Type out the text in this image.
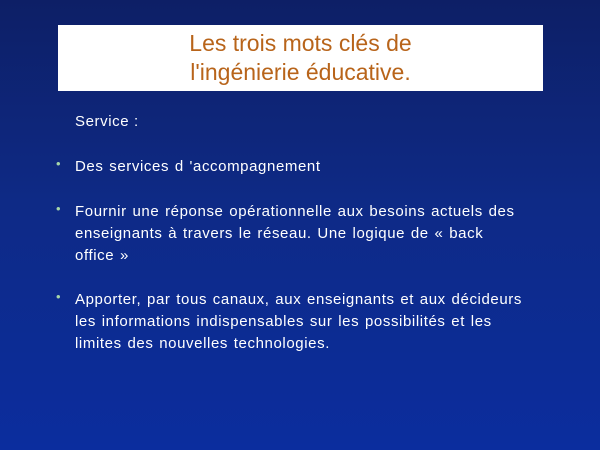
Les trois mots clés de
l'ingénierie éducative.
Service :
• Des services d 'accompagnement
• Fournir une réponse opérationnelle aux besoins actuels des
enseignants à travers le réseau. Une logique de « back
office »
• Apporter, par tous canaux, aux enseignants et aux décideurs
les informations indispensables sur les possibilités et les
limites des nouvelles technologies.
